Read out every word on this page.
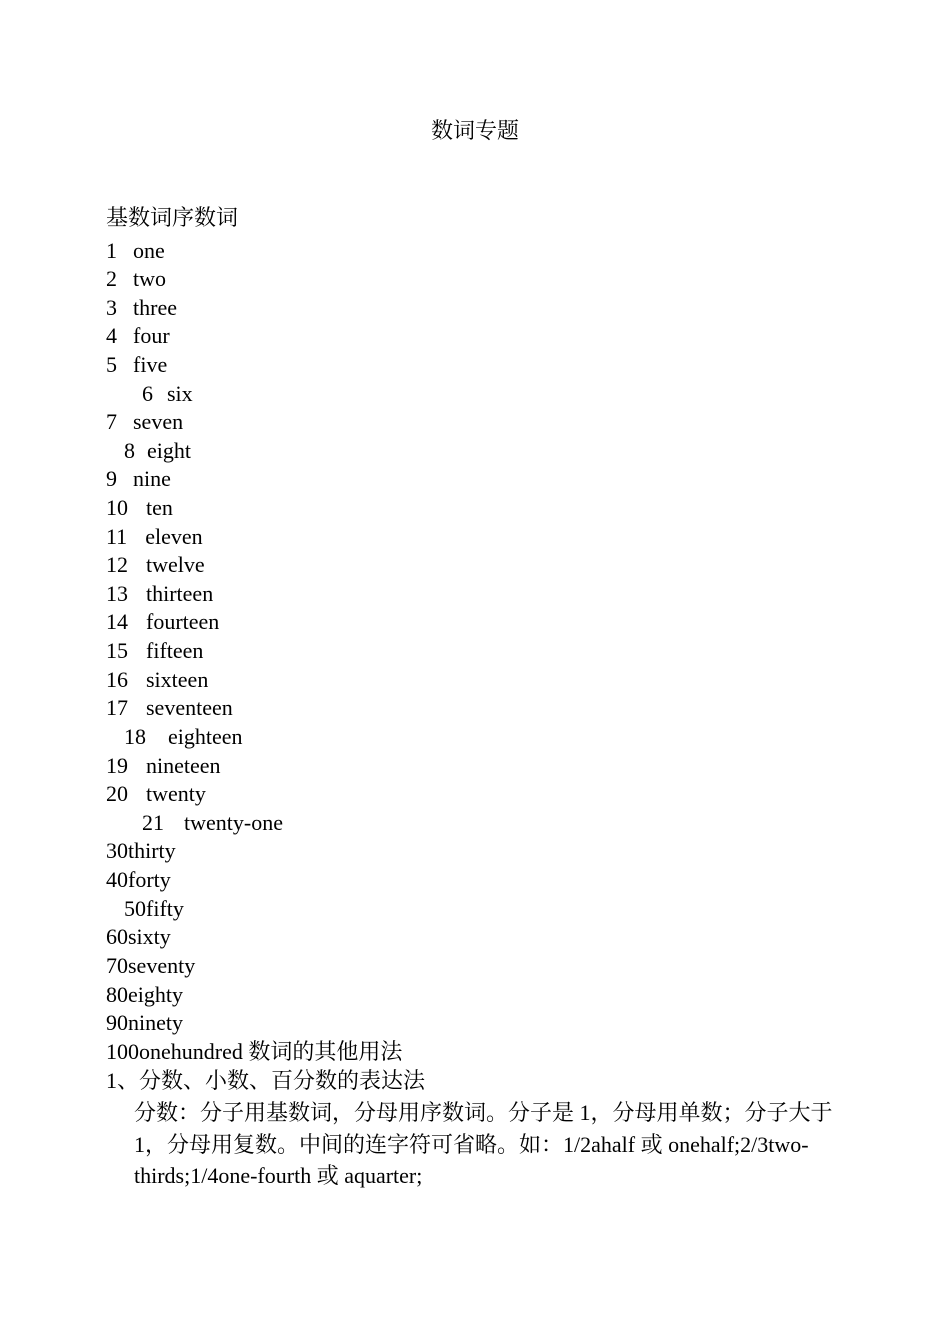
数词专题
基数词序数词
1 one
2 two
3 three
4 four
5 five
6 six
7 seven
8 eight
9 nine
10 ten
11 eleven
12 twelve
13 thirteen
14 fourteen
15 fifteen
16 sixteen
17 seventeen
18 eighteen
19 nineteen
20 twenty
21 twenty-one
30thirty
40forty
50fifty
60sixty
70seventy
80eighty
90ninety
100onehundred 数词的其他用法
1、分数、小数、百分数的表达法
分数：分子用基数词，分母用序数词。分子是 1，分母用单数；分子大于 1，分母用复数。中间的连字符可省略。如：1/2ahalf 或 onehalf;2/3two-thirds;1/4one-fourth 或 aquarter;
